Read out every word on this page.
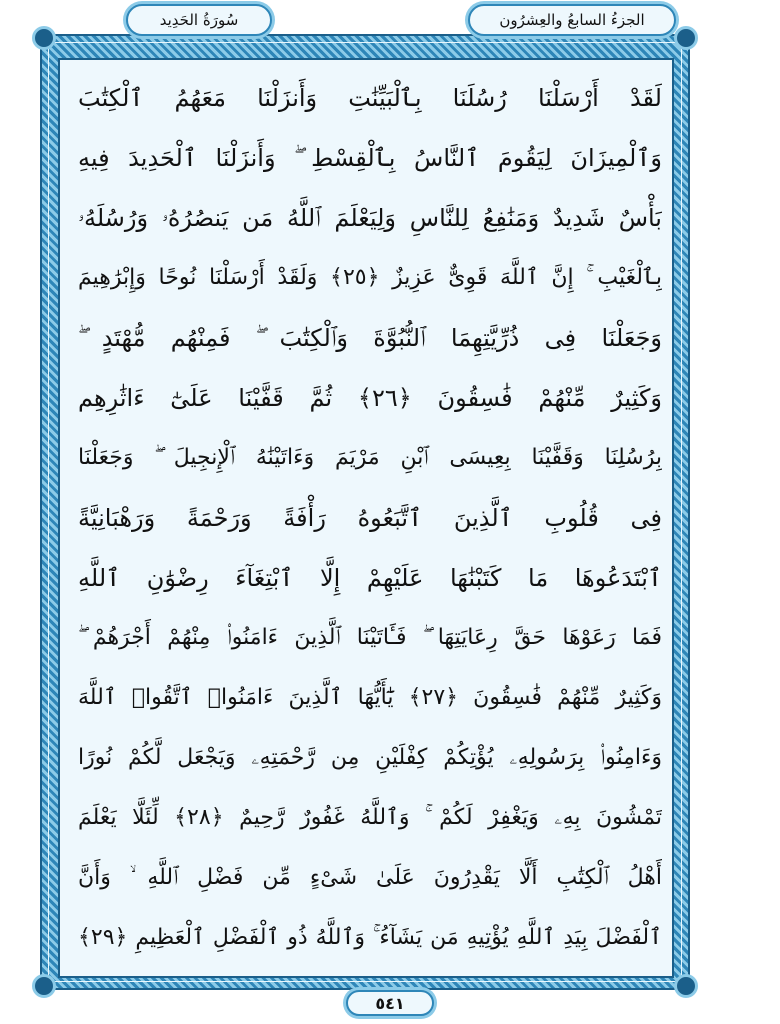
الجزءُ السابعُ والعِشرُون
سُورَةُ الحَدِيد
لَقَدْ أَرْسَلْنَا رُسُلَنَا بِٱلْبَيِّنَٰتِ وَأَنزَلْنَا مَعَهُمُ ٱلْكِتَٰبَ
وَٱلْمِيزَانَ لِيَقُومَ ٱلنَّاسُ بِٱلْقِسْطِ ۖ وَأَنزَلْنَا ٱلْحَدِيدَ فِيهِ
بَأْسٌ شَدِيدٌ وَمَنَٰفِعُ لِلنَّاسِ وَلِيَعْلَمَ ٱللَّهُ مَن يَنصُرُهُۥ وَرُسُلَهُۥ
بِٱلْغَيْبِ ۚ إِنَّ ٱللَّهَ قَوِىٌّ عَزِيزٌ ﴿٢٥﴾ وَلَقَدْ أَرْسَلْنَا نُوحًا وَإِبْرَٰهِيمَ
وَجَعَلْنَا فِى ذُرِّيَّتِهِمَا ٱلنُّبُوَّةَ وَٱلْكِتَٰبَ ۖ فَمِنْهُم مُّهْتَدٍ ۖ
وَكَثِيرٌ مِّنْهُمْ فَٰسِقُونَ ﴿٢٦﴾ ثُمَّ قَفَّيْنَا عَلَىٰٓ ءَاثَٰرِهِم
بِرُسُلِنَا وَقَفَّيْنَا بِعِيسَى ٱبْنِ مَرْيَمَ وَءَاتَيْنَٰهُ ٱلْإِنجِيلَ ۖ وَجَعَلْنَا
فِى قُلُوبِ ٱلَّذِينَ ٱتَّبَعُوهُ رَأْفَةً وَرَحْمَةً وَرَهْبَانِيَّةً
ٱبْتَدَعُوهَا مَا كَتَبْنَٰهَا عَلَيْهِمْ إِلَّا ٱبْتِغَآءَ رِضْوَٰنِ ٱللَّهِ
فَمَا رَعَوْهَا حَقَّ رِعَايَتِهَا ۖ فَـَٔاتَيْنَا ٱلَّذِينَ ءَامَنُوا۟ مِنْهُمْ أَجْرَهُمْ ۖ
وَكَثِيرٌ مِّنْهُمْ فَٰسِقُونَ ﴿٢٧﴾ يَٰٓأَيُّهَا ٱلَّذِينَ ءَامَنُوا۟ ٱتَّقُوا۟ ٱللَّهَ
وَءَامِنُوا۟ بِرَسُولِهِۦ يُؤْتِكُمْ كِفْلَيْنِ مِن رَّحْمَتِهِۦ وَيَجْعَل لَّكُمْ نُورًا
تَمْشُونَ بِهِۦ وَيَغْفِرْ لَكُمْ ۚ وَٱللَّهُ غَفُورٌ رَّحِيمٌ ﴿٢٨﴾ لِّئَلَّا يَعْلَمَ
أَهْلُ ٱلْكِتَٰبِ أَلَّا يَقْدِرُونَ عَلَىٰ شَىْءٍ مِّن فَضْلِ ٱللَّهِ ۙ وَأَنَّ
ٱلْفَضْلَ بِيَدِ ٱللَّهِ يُؤْتِيهِ مَن يَشَآءُ ۚ وَٱللَّهُ ذُو ٱلْفَضْلِ ٱلْعَظِيمِ ﴿٢٩﴾
٥٤١
